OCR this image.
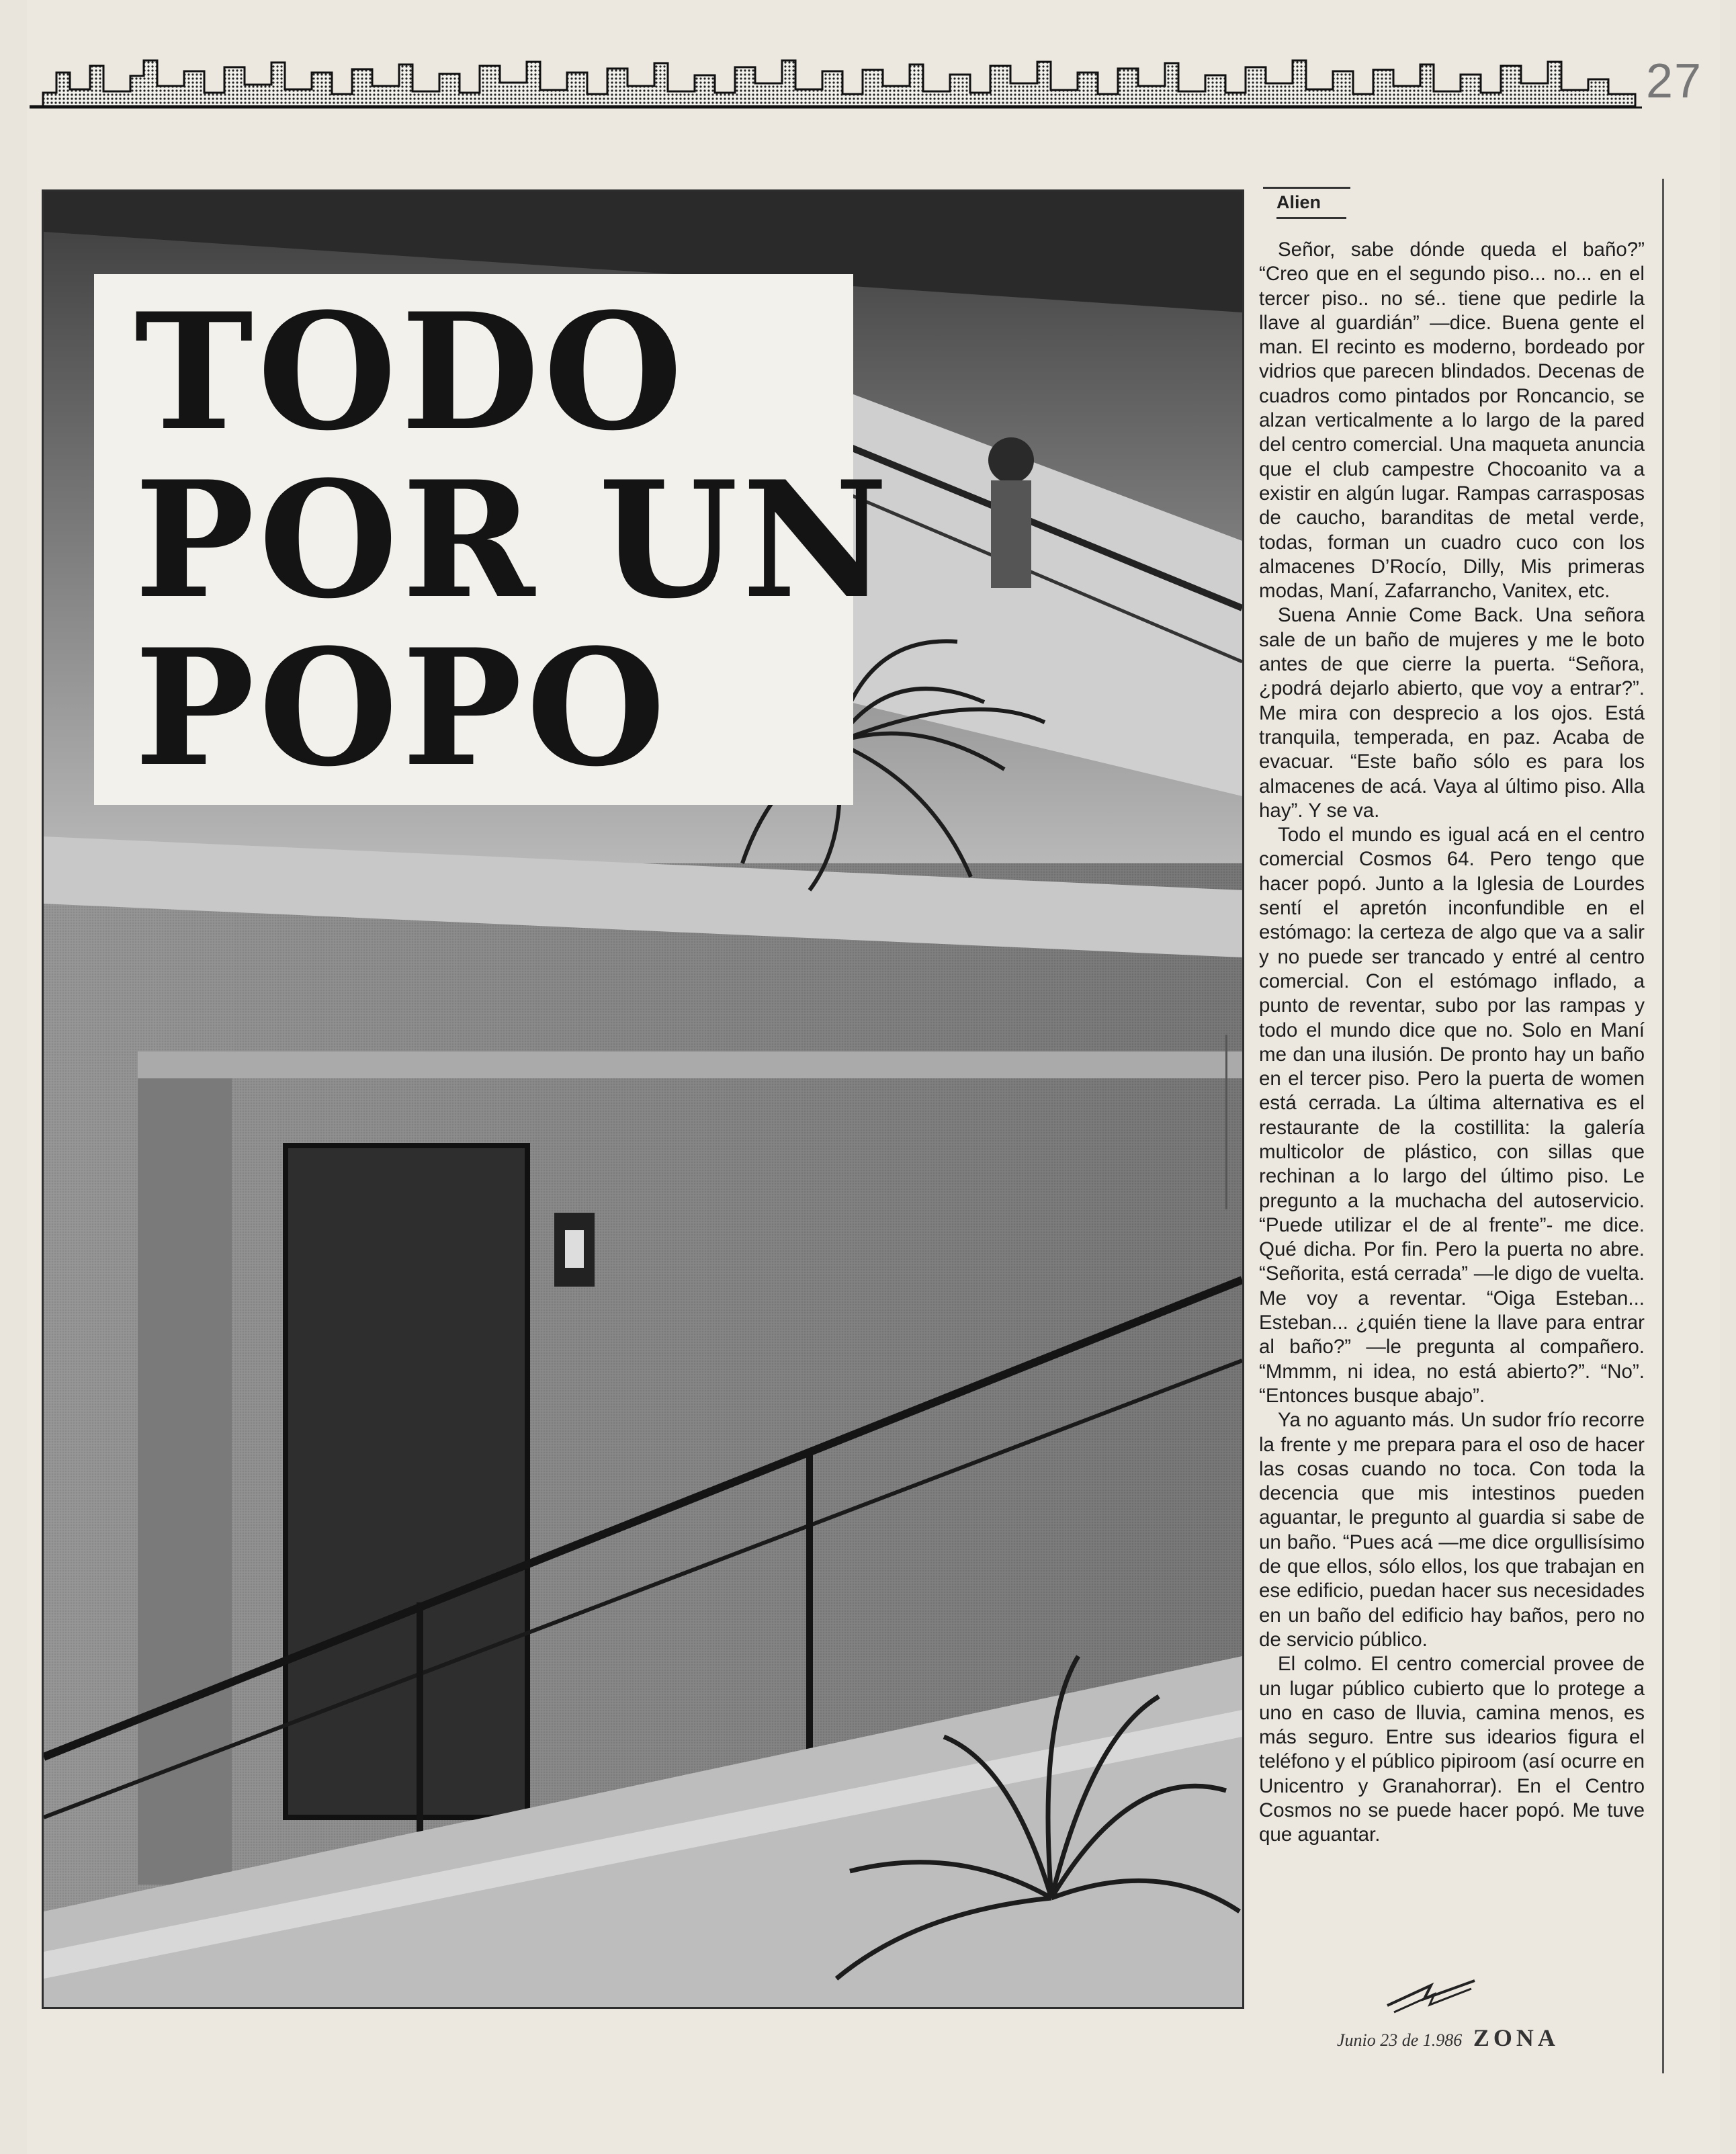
27
TODO
POR UN
POPO
Alien

Señor, sabe dónde queda el baño?” “Creo que en el segundo piso... no... en el tercer piso.. no sé.. tiene que pedirle la llave al guardián” —dice. Buena gente el man. El recinto es moderno, bordeado por vidrios que parecen blindados. Decenas de cuadros como pintados por Roncancio, se alzan verticalmente a lo largo de la pared del centro comercial. Una maqueta anuncia que el club campestre Chocoanito va a existir en algún lugar. Rampas carrasposas de caucho, baranditas de metal verde, todas, forman un cuadro cuco con los almacenes D’Rocío, Dilly, Mis primeras modas, Maní, Zafarrancho, Vanitex, etc.

Suena Annie Come Back. Una señora sale de un baño de mujeres y me le boto antes de que cierre la puerta. “Señora, ¿podrá dejarlo abierto, que voy a entrar?”. Me mira con desprecio a los ojos. Está tranquila, temperada, en paz. Acaba de evacuar. “Este baño sólo es para los almacenes de acá. Vaya al último piso. Alla hay”. Y se va.

Todo el mundo es igual acá en el centro comercial Cosmos 64. Pero tengo que hacer popó. Junto a la Iglesia de Lourdes sentí el apretón inconfundible en el estómago: la certeza de algo que va a salir y no puede ser trancado y entré al centro comercial. Con el estómago inflado, a punto de reventar, subo por las rampas y todo el mundo dice que no. Solo en Maní me dan una ilusión. De pronto hay un baño en el tercer piso. Pero la puerta de women está cerrada. La última alternativa es el restaurante de la costillita: la galería multicolor de plástico, con sillas que rechinan a lo largo del último piso. Le pregunto a la muchacha del autoservicio. “Puede utilizar el de al frente”- me dice. Qué dicha. Por fin. Pero la puerta no abre. “Señorita, está cerrada” —le digo de vuelta. Me voy a reventar. “Oiga Esteban... Esteban... ¿quién tiene la llave para entrar al baño?” —le pregunta al compañero. “Mmmm, ni idea, no está abierto?”. “No”. “Entonces busque abajo”.

Ya no aguanto más. Un sudor frío recorre la frente y me prepara para el oso de hacer las cosas cuando no toca. Con toda la decencia que mis intestinos pueden aguantar, le pregunto al guardia si sabe de un baño. “Pues acá —me dice orgullisísimo de que ellos, sólo ellos, los que trabajan en ese edificio, puedan hacer sus necesidades en un baño del edificio hay baños, pero no de servicio público.

El colmo. El centro comercial provee de un lugar público cubierto que lo protege a uno en caso de lluvia, camina menos, es más seguro. Entre sus idearios figura el teléfono y el público pipiroom (así ocurre en Unicentro y Granahorrar). En el Centro Cosmos no se puede hacer popó. Me tuve que aguantar.

Junio 23 de 1.986 ZONA
